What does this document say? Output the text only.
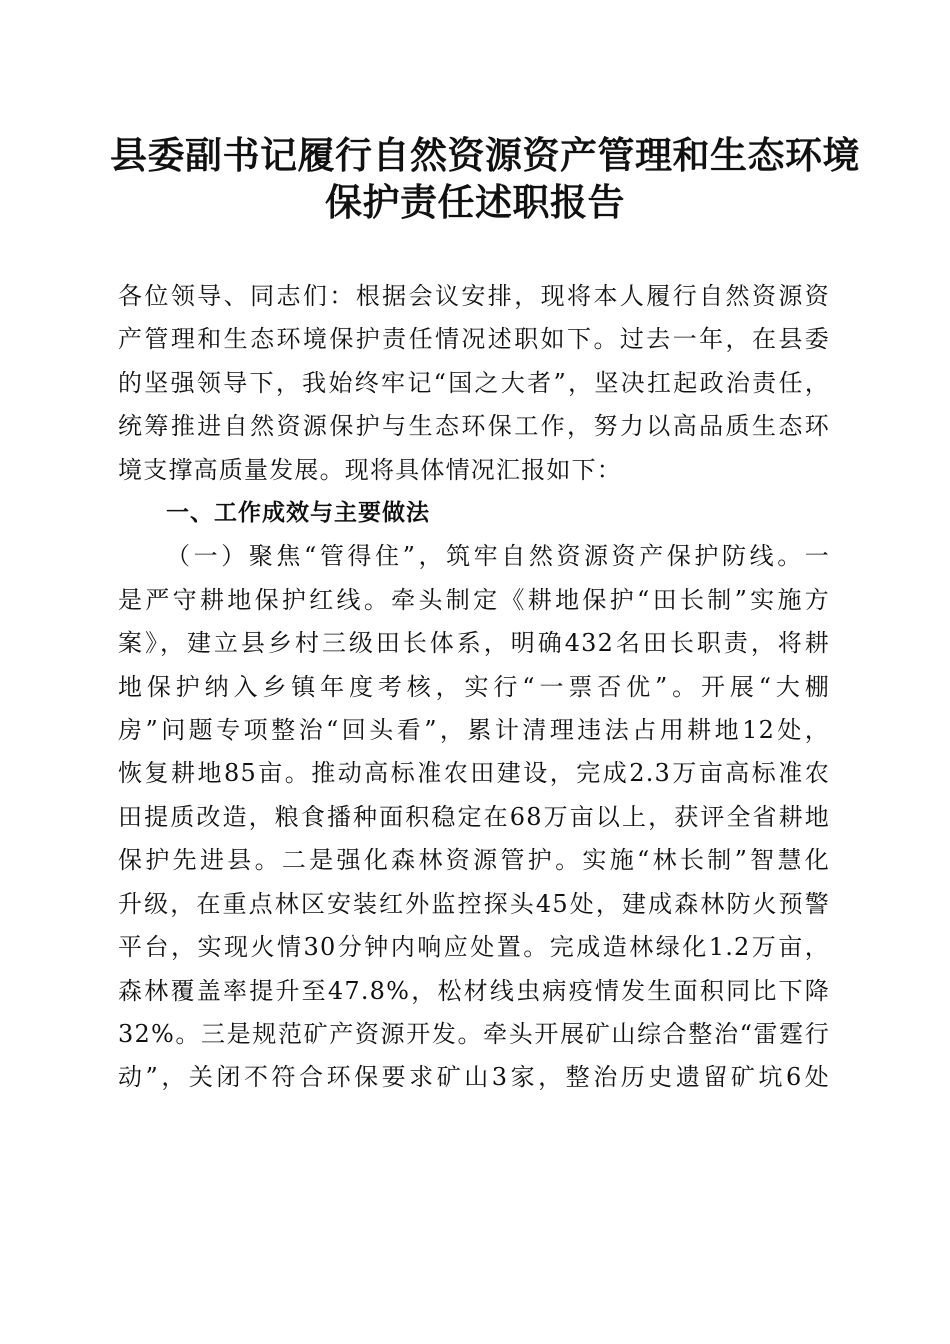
县委副书记履行自然资源资产管理和生态环境
保护责任述职报告

各位领导、同志们：根据会议安排，现将本人履行自然资源资
产管理和生态环境保护责任情况述职如下。过去一年，在县委
的坚强领导下，我始终牢记“国之大者”，坚决扛起政治责任，
统筹推进自然资源保护与生态环保工作，努力以高品质生态环
境支撑高质量发展。现将具体情况汇报如下：

一、工作成效与主要做法

（一）聚焦“管得住”，筑牢自然资源资产保护防线。一
是严守耕地保护红线。牵头制定《耕地保护“田长制”实施方
案》，建立县乡村三级田长体系，明确432名田长职责，将耕
地保护纳入乡镇年度考核，实行“一票否优”。开展“大棚
房”问题专项整治“回头看”，累计清理违法占用耕地12处，
恢复耕地85亩。推动高标准农田建设，完成2.3万亩高标准农
田提质改造，粮食播种面积稳定在68万亩以上，获评全省耕地
保护先进县。二是强化森林资源管护。实施“林长制”智慧化
升级，在重点林区安装红外监控探头45处，建成森林防火预警
平台，实现火情30分钟内响应处置。完成造林绿化1.2万亩，
森林覆盖率提升至47.8%，松材线虫病疫情发生面积同比下降
32%。三是规范矿产资源开发。牵头开展矿山综合整治“雷霆行
动”，关闭不符合环保要求矿山3家，整治历史遗留矿坑6处
